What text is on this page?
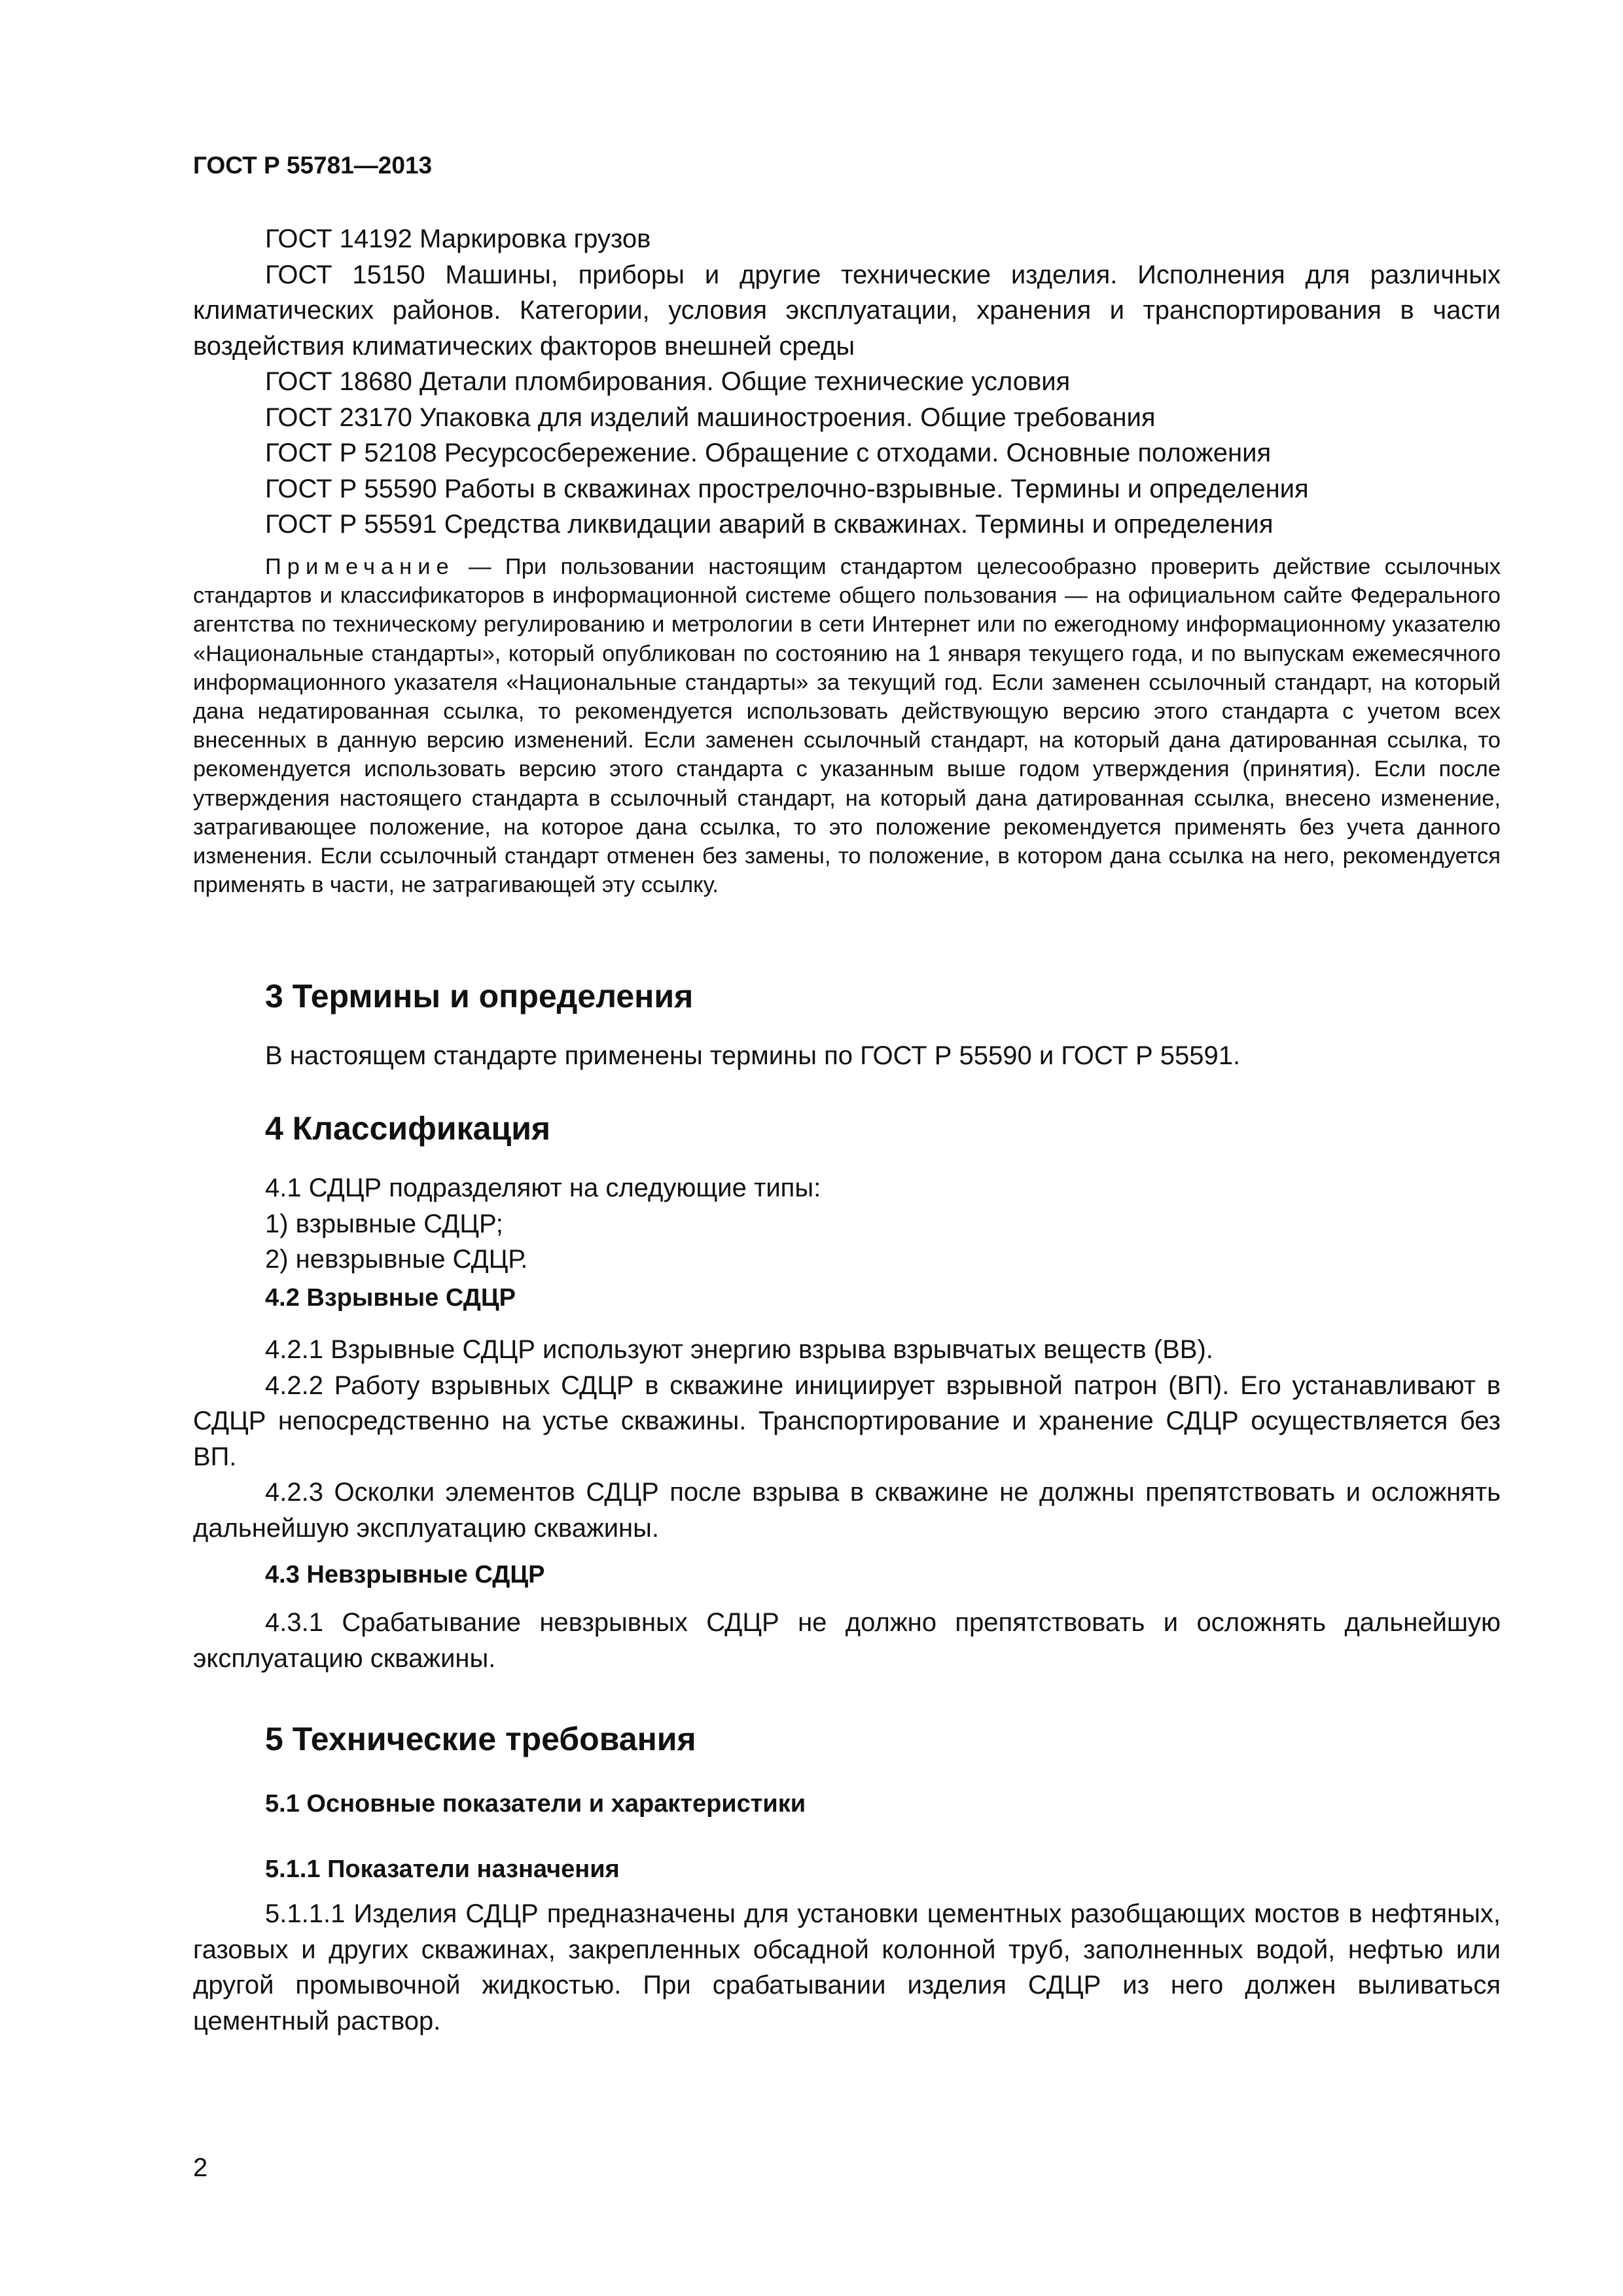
ГОСТ Р 55781—2013

ГОСТ 14192 Маркировка грузов

ГОСТ 15150 Машины, приборы и другие технические изделия. Исполнения для различных климатических районов. Категории, условия эксплуатации, хранения и транспортирования в части воздействия климатических факторов внешней среды

ГОСТ 18680 Детали пломбирования. Общие технические условия

ГОСТ 23170 Упаковка для изделий машиностроения. Общие требования

ГОСТ Р 52108 Ресурсосбережение. Обращение с отходами. Основные положения

ГОСТ Р 55590 Работы в скважинах прострелочно-взрывные. Термины и определения

ГОСТ Р 55591 Средства ликвидации аварий в скважинах. Термины и определения

Примечание — При пользовании настоящим стандартом целесообразно проверить действие ссылочных стандартов и классификаторов в информационной системе общего пользования — на официальном сайте Федерального агентства по техническому регулированию и метрологии в сети Интернет или по ежегодному информационному указателю «Национальные стандарты», который опубликован по состоянию на 1 января текущего года, и по выпускам ежемесячного информационного указателя «Национальные стандарты» за текущий год. Если заменен ссылочный стандарт, на который дана недатированная ссылка, то рекомендуется использовать действующую версию этого стандарта с учетом всех внесенных в данную версию изменений. Если заменен ссылочный стандарт, на который дана датированная ссылка, то рекомендуется использовать версию этого стандарта с указанным выше годом утверждения (принятия). Если после утверждения настоящего стандарта в ссылочный стандарт, на который дана датированная ссылка, внесено изменение, затрагивающее положение, на которое дана ссылка, то это положение рекомендуется применять без учета данного изменения. Если ссылочный стандарт отменен без замены, то положение, в котором дана ссылка на него, рекомендуется применять в части, не затрагивающей эту ссылку.

3 Термины и определения

В настоящем стандарте применены термины по ГОСТ Р 55590 и ГОСТ Р 55591.

4 Классификация

4.1 СДЦР подразделяют на следующие типы:

1) взрывные СДЦР;

2) невзрывные СДЦР.

4.2 Взрывные СДЦР

4.2.1 Взрывные СДЦР используют энергию взрыва взрывчатых веществ (ВВ).

4.2.2 Работу взрывных СДЦР в скважине инициирует взрывной патрон (ВП). Его устанавливают в СДЦР непосредственно на устье скважины. Транспортирование и хранение СДЦР осуществляется без ВП.

4.2.3 Осколки элементов СДЦР после взрыва в скважине не должны препятствовать и осложнять дальнейшую эксплуатацию скважины.

4.3 Невзрывные СДЦР

4.3.1 Срабатывание невзрывных СДЦР не должно препятствовать и осложнять дальнейшую эксплуатацию скважины.

5 Технические требования
5.1 Основные показатели и характеристики
5.1.1 Показатели назначения

5.1.1.1 Изделия СДЦР предназначены для установки цементных разобщающих мостов в нефтяных, газовых и других скважинах, закрепленных обсадной колонной труб, заполненных водой, нефтью или другой промывочной жидкостью. При срабатывании изделия СДЦР из него должен выливаться цементный раствор.

2
